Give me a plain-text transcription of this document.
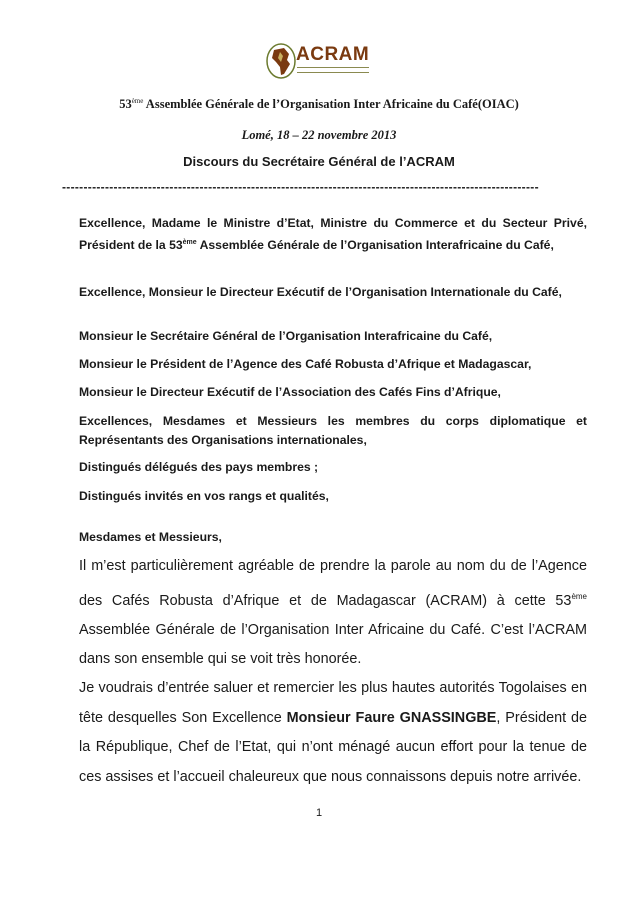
ACRAM
53ème Assemblée Générale de l’Organisation Inter Africaine du Café(OIAC)
Lomé, 18 – 22 novembre 2013
Discours du Secrétaire Général de l’ACRAM
---------------------------------------------------------------------------------------------------------------

Excellence, Madame le Ministre d’Etat, Ministre du Commerce et du Secteur Privé, Président de la 53ème Assemblée Générale de l’Organisation Interafricaine du Café,

Excellence, Monsieur le Directeur Exécutif de l’Organisation Internationale du Café,

Monsieur le Secrétaire Général de l’Organisation Interafricaine du Café,

Monsieur le Président de l’Agence des Café Robusta d’Afrique et Madagascar,

Monsieur le Directeur Exécutif de l’Association des Cafés Fins d’Afrique,

Excellences, Mesdames et Messieurs les membres du corps diplomatique et Représentants des Organisations internationales,

Distingués délégués des pays membres ;

Distingués invités en vos rangs et qualités,

Mesdames et Messieurs,

Il m’est particulièrement agréable de prendre la parole au nom du de l’Agence des Cafés Robusta d’Afrique et de Madagascar (ACRAM) à cette 53ème Assemblée Générale de l’Organisation Inter Africaine du Café. C’est l’ACRAM dans son ensemble qui se voit très honorée.

Je voudrais d’entrée saluer et remercier les plus hautes autorités Togolaises en tête desquelles Son Excellence Monsieur Faure GNASSINGBE, Président de la République, Chef de l’Etat, qui n’ont ménagé aucun effort pour la tenue de ces assises et l’accueil chaleureux que nous connaissons depuis notre arrivée.

1
